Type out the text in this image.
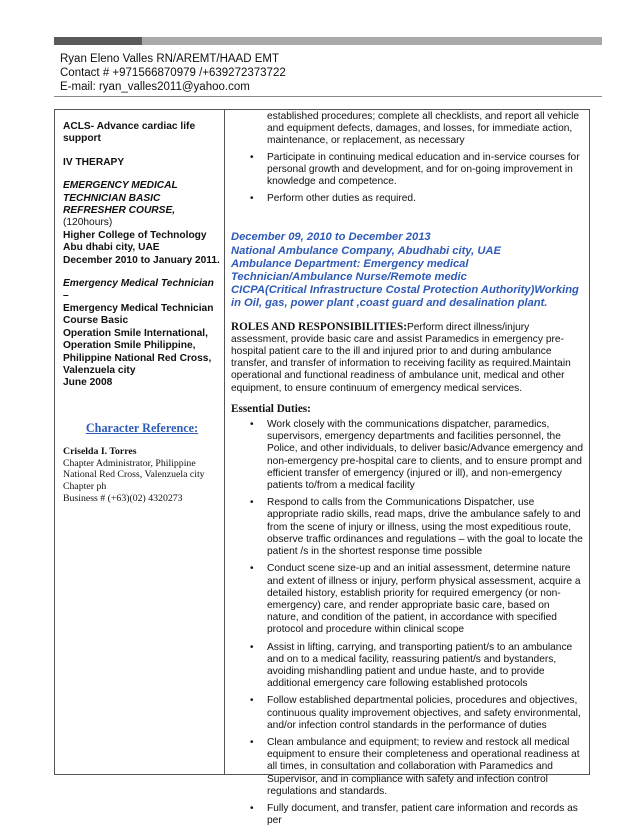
Ryan Eleno Valles RN/AREMT/HAAD EMT
Contact # +971566870979 /+639272373722
E-mail: ryan_valles2011@yahoo.com
ACLS- Advance cardiac life support
IV THERAPY
EMERGENCY MEDICAL TECHNICIAN BASIC REFRESHER COURSE,(120hours)
Higher College of Technology Abu dhabi city, UAE
December 2010 to January 2011.
Emergency Medical Technician –
Emergency Medical Technician Course Basic
Operation Smile International,
Operation Smile Philippine,
Philippine National Red Cross,
Valenzuela city
June 2008
Character Reference:
Criselda I. Torres
Chapter Administrator, Philippine National Red Cross, Valenzuela city Chapter ph
Business # (+63)(02) 4320273
established procedures; complete all checklists, and report all vehicle and equipment defects, damages, and losses, for immediate action, maintenance, or replacement, as necessary
• Participate in continuing medical education and in-service courses for personal growth and development, and for on-going improvement in knowledge and competence.
• Perform other duties as required.
December 09, 2010 to December 2013
National Ambulance Company, Abudhabi city, UAE
Ambulance Department: Emergency medical Technician/Ambulance Nurse/Remote medic
CICPA(Critical Infrastructure Costal Protection Authority)Working in Oil, gas, power plant ,coast guard and desalination plant.
ROLES AND RESPONSIBILITIES:Perform direct illness/injury assessment, provide basic care and assist Paramedics in emergency pre-hospital patient care to the ill and injured prior to and during ambulance transfer, and transfer of information to receiving facility as required.Maintain operational and functional readiness of ambulance unit, medical and other equipment, to ensure continuum of emergency medical services.
Essential Duties:
• Work closely with the communications dispatcher, paramedics, supervisors, emergency departments and facilities personnel, the Police, and other individuals, to deliver basic/Advance emergency and non-emergency pre-hospital care to clients, and to ensure prompt and efficient transfer of emergency (injured or ill), and non-emergency patients to/from a medical facility
• Respond to calls from the Communications Dispatcher, use appropriate radio skills, read maps, drive the ambulance safely to and from the scene of injury or illness, using the most expeditious route, observe traffic ordinances and regulations – with the goal to locate the patient /s in the shortest response time possible
• Conduct scene size-up and an initial assessment, determine nature and extent of illness or injury, perform physical assessment, acquire a detailed history, establish priority for required emergency (or non-emergency) care, and render appropriate basic care, based on nature, and condition of the patient, in accordance with specified protocol and procedure within clinical scope
• Assist in lifting, carrying, and transporting patient/s to an ambulance and on to a medical facility, reassuring patient/s and bystanders, avoiding mishandling patient and undue haste, and to provide additional emergency care following established protocols
• Follow established departmental policies, procedures and objectives, continuous quality improvement objectives, and safety environmental, and/or infection control standards in the performance of duties
• Clean ambulance and equipment; to review and restock all medical equipment to ensure their completeness and operational readiness at all times, in consultation and collaboration with Paramedics and Supervisor, and in compliance with safety and infection control regulations and standards.
• Fully document, and transfer, patient care information and records as per
